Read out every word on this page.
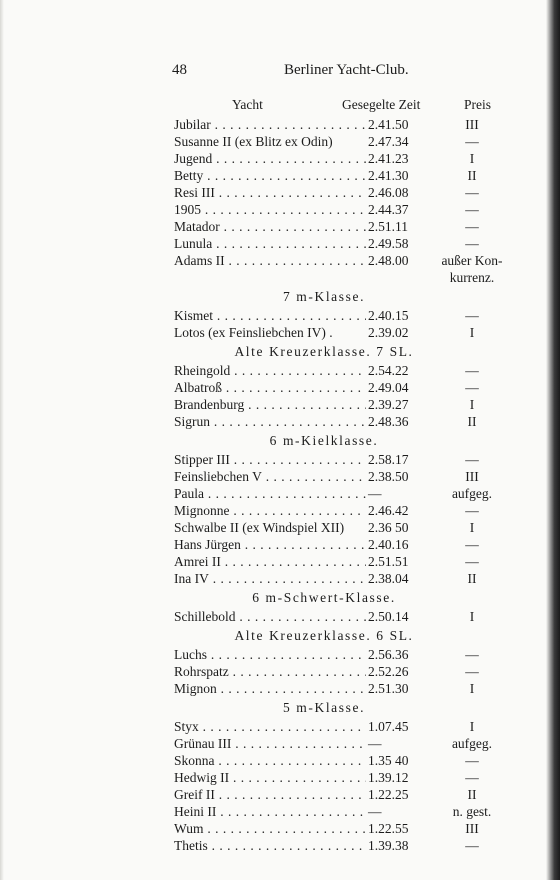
48	Berliner Yacht-Club.
Yacht	Gesegelte Zeit	Preis
Jubilar . . .	2.41.50	III
Susanne II (ex Blitz ex Odin)	2.47.34	—
Jugend . . .	2.41.23	I
Betty . . .	2.41.30	II
Resi III . . .	2.46.08	—
1905 . . .	2.44.37	—
Matador . . .	2.51.11	—
Lunula . . .	2.49.58	—
Adams II . . .	2.48.00	außer Kon-
kurrenz.
7 m-Klasse.
Kismet . . .	2.40.15	—
Lotos (ex Feinsliebchen IV) .	2.39.02	I
Alte Kreuzerklasse. 7 SL.
Rheingold . . .	2.54.22	—
Albatroß . . .	2.49.04	—
Brandenburg . . .	2.39.27	I
Sigrun . . .	2.48.36	II
6 m-Kielklasse.
Stipper III . . .	2.58.17	—
Feinsliebchen V . . .	2.38.50	III
Paula . . .	—	aufgeg.
Mignonne . . .	2.46.42	—
Schwalbe II (ex Windspiel XII)	2.36 50	I
Hans Jürgen . . .	2.40.16	—
Amrei II . . .	2.51.51	—
Ina IV . . .	2.38.04	II
6 m-Schwert-Klasse.
Schillebold . . .	2.50.14	I
Alte Kreuzerklasse. 6 SL.
Luchs . . .	2.56.36	—
Rohrspatz . . .	2.52.26	—
Mignon . . .	2.51.30	I
5 m-Klasse.
Styx . . .	1.07.45	I
Grünau III . . .	—	aufgeg.
Skonna . . .	1.35 40	—
Hedwig II . . .	1.39.12	—
Greif II . . .	1.22.25	II
Heini II . . .	—	n. gest.
Wum . . .	1.22.55	III
Thetis . . .	1.39.38	—
